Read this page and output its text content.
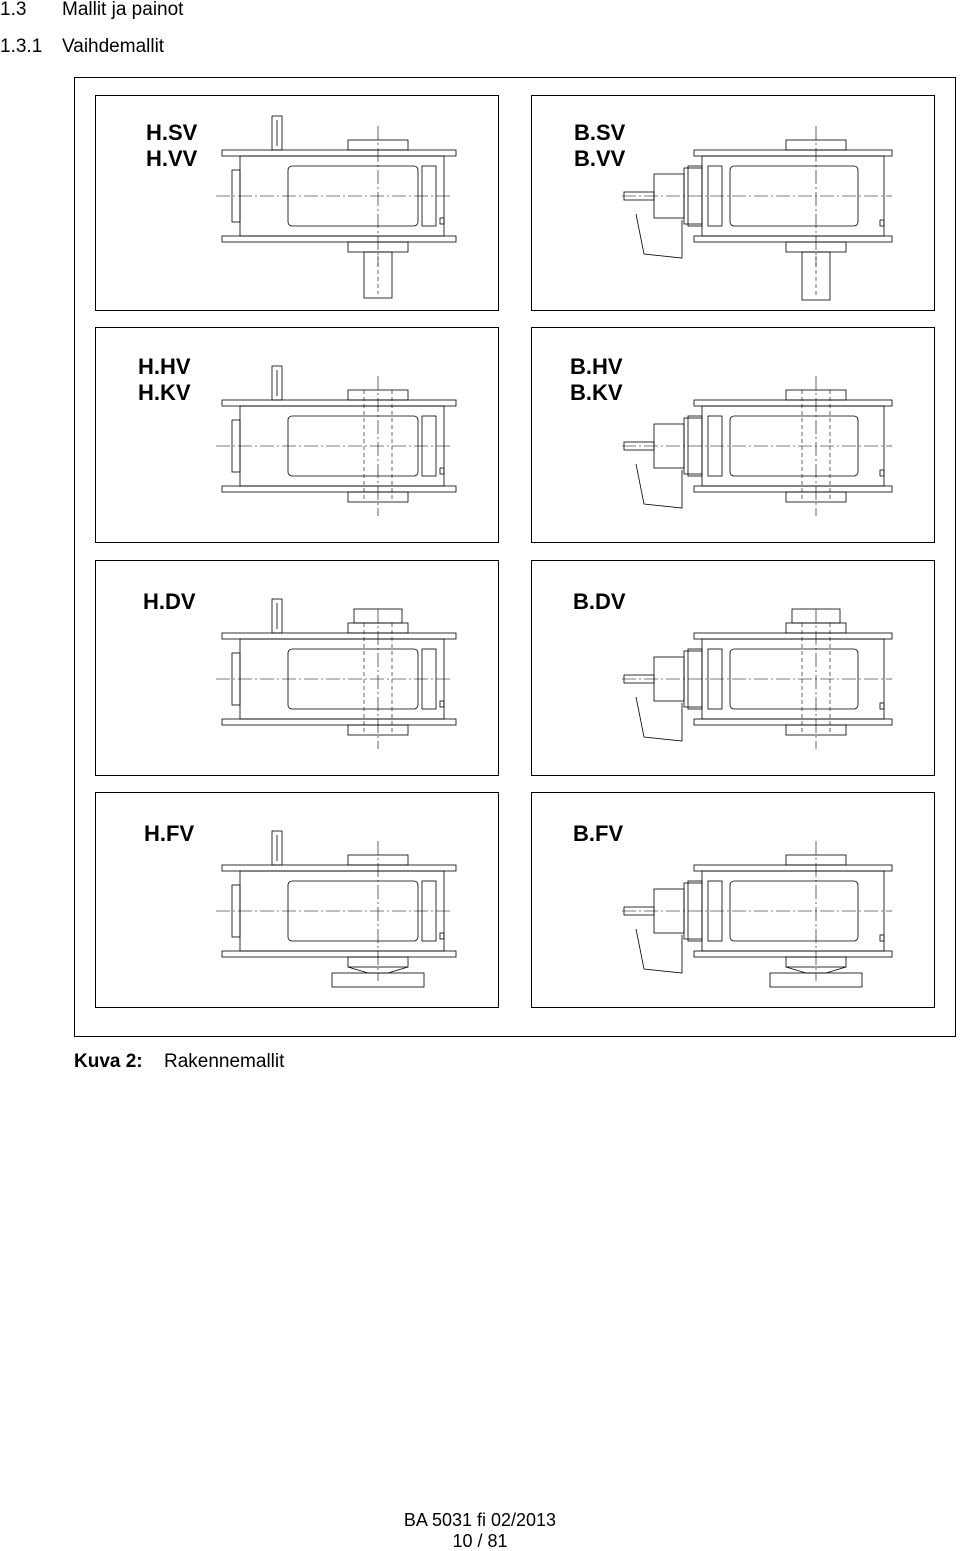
1.3 Mallit ja painot
1.3.1 Vaihdemallit
H.SV
H.VV
B.SV
B.VV
H.HV
H.KV
B.HV
B.KV
H.DV	B.DV
H.FV	B.FV
Kuva 2: Rakennemallit
BA 5031 fi 02/2013
10 / 81
